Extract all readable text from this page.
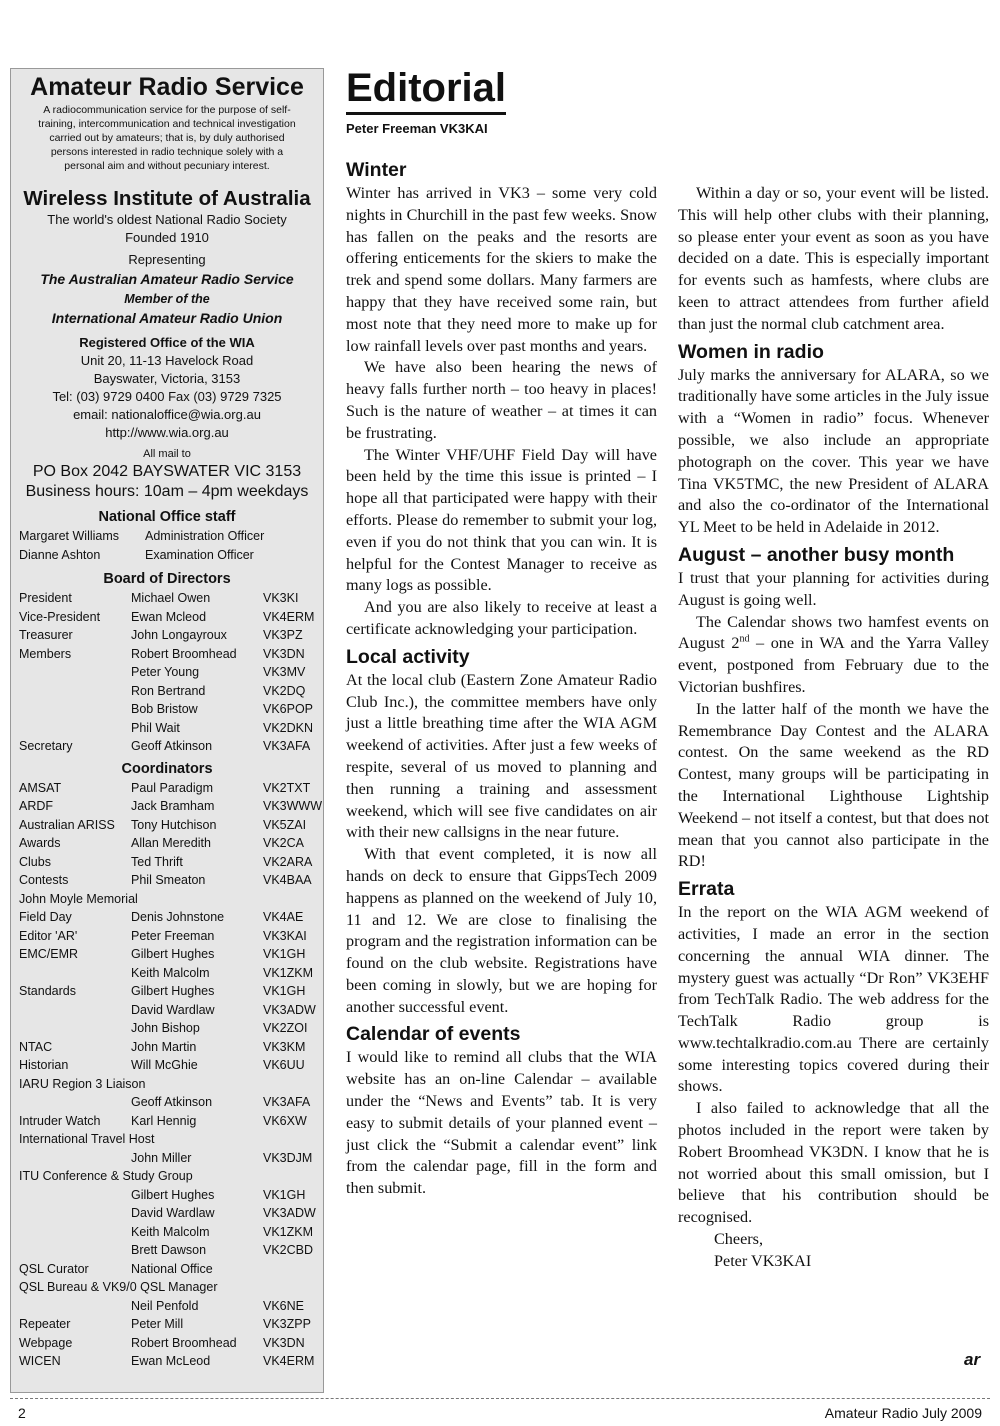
Amateur Radio Service
A radiocommunication service for the purpose of self-training, intercommunication and technical investigation carried out by amateurs; that is, by duly authorised persons interested in radio technique solely with a personal aim and without pecuniary interest.
Wireless Institute of Australia
The world's oldest National Radio Society
Founded 1910
Representing
The Australian Amateur Radio Service
Member of the
International Amateur Radio Union
Registered Office of the WIA
Unit 20, 11-13 Havelock Road
Bayswater, Victoria, 3153
Tel: (03) 9729 0400 Fax (03) 9729 7325
email: nationaloffice@wia.org.au
http://www.wia.org.au
All mail to
PO Box 2042 BAYSWATER VIC 3153
Business hours: 10am – 4pm weekdays
National Office staff
Margaret Williams Administration Officer
Dianne Ashton	Examination Officer
Board of Directors
President	Michael Owen	VK3KI
Vice-President Ewan Mcleod	VK4ERM
Treasurer	John Longayroux	VK3PZ
Members	Robert Broomhead VK3DN
Peter Young	VK3MV
Ron Bertrand	VK2DQ
Bob Bristow	VK6POP
Phil Wait	VK2DKN
Secretary	Geoff Atkinson	VK3AFA
Coordinators
AMSAT	Paul Paradigm	VK2TXT
ARDF	Jack Bramham	VK3WWW
Australian ARISS Tony Hutchison	VK5ZAI
Awards	Allan Meredith	VK2CA
Clubs	Ted Thrift	VK2ARA
Contests	Phil Smeaton	VK4BAA
John Moyle Memorial
Field Day	Denis Johnstone	VK4AE
Editor 'AR'	Peter Freeman	VK3KAI
EMC/EMR	Gilbert Hughes	VK1GH
Keith Malcolm	VK1ZKM
Standards	Gilbert Hughes	VK1GH
David Wardlaw	VK3ADW
John Bishop	VK2ZOI
NTAC	John Martin	VK3KM
Historian	Will McGhie	VK6UU
IARU Region 3 Liaison
Geoff Atkinson	VK3AFA
Intruder Watch Karl Hennig	VK6XW
International Travel Host
John Miller	VK3DJM
ITU Conference & Study Group
Gilbert Hughes	VK1GH
David Wardlaw	VK3ADW
Keith Malcolm	VK1ZKM
Brett Dawson	VK2CBD
QSL Curator	National Office
QSL Bureau & VK9/0 QSL Manager
Neil Penfold	VK6NE
Repeater	Peter Mill	VK3ZPP
Webpage	Robert Broomhead VK3DN
WICEN	Ewan McLeod	VK4ERM
Editorial
Peter Freeman VK3KAI
Winter

Winter has arrived in VK3 – some very cold nights in Churchill in the past few weeks. Snow has fallen on the peaks and the resorts are offering enticements for the skiers to make the trek and spend some dollars. Many farmers are happy that they have received some rain, but most note that they need more to make up for low rainfall levels over past months and years.

We have also been hearing the news of heavy falls further north – too heavy in places! Such is the nature of weather – at times it can be frustrating.

The Winter VHF/UHF Field Day will have been held by the time this issue is printed – I hope all that participated were happy with their efforts. Please do remember to submit your log, even if you do not think that you can win. It is helpful for the Contest Manager to receive as many logs as possible.

And you are also likely to receive at least a certificate acknowledging your participation.

Local activity

At the local club (Eastern Zone Amateur Radio Club Inc.), the committee members have only just a little breathing time after the WIA AGM weekend of activities. After just a few weeks of respite, several of us moved to planning and then running a training and assessment weekend, which will see five candidates on air with their new callsigns in the near future.

With that event completed, it is now all hands on deck to ensure that GippsTech 2009 happens as planned on the weekend of July 10, 11 and 12. We are close to finalising the program and the registration information can be found on the club website. Registrations have been coming in slowly, but we are hoping for another successful event.

Calendar of events

I would like to remind all clubs that the WIA website has an on-line Calendar – available under the “News and Events” tab. It is very easy to submit details of your planned event – just click the “Submit a calendar event” link from the calendar page, fill in the form and then submit.

Within a day or so, your event will be listed. This will help other clubs with their planning, so please enter your event as soon as you have decided on a date. This is especially important for events such as hamfests, where clubs are keen to attract attendees from further afield than just the normal club catchment area.

Women in radio

July marks the anniversary for ALARA, so we traditionally have some articles in the July issue with a “Women in radio” focus. Whenever possible, we also include an appropriate photograph on the cover. This year we have Tina VK5TMC, the new President of ALARA and also the co-ordinator of the International YL Meet to be held in Adelaide in 2012.

August – another busy month

I trust that your planning for activities during August is going well.

The Calendar shows two hamfest events on August 2nd – one in WA and the Yarra Valley event, postponed from February due to the Victorian bushfires.

In the latter half of the month we have the Remembrance Day Contest and the ALARA contest. On the same weekend as the RD Contest, many groups will be participating in the International Lighthouse Lightship Weekend – not itself a contest, but that does not mean that you cannot also participate in the RD!

Errata

In the report on the WIA AGM weekend of activities, I made an error in the section concerning the annual WIA dinner. The mystery guest was actually “Dr Ron” VK3EHF from TechTalk Radio. The web address for the TechTalk Radio group is www.techtalkradio.com.au There are certainly some interesting topics covered during their shows.

I also failed to acknowledge that all the photos included in the report were taken by Robert Broomhead VK3DN. I know that he is not worried about this small omission, but I believe that his contribution should be recognised.

Cheers,

Peter VK3KAI

ar
2	Amateur Radio July 2009
